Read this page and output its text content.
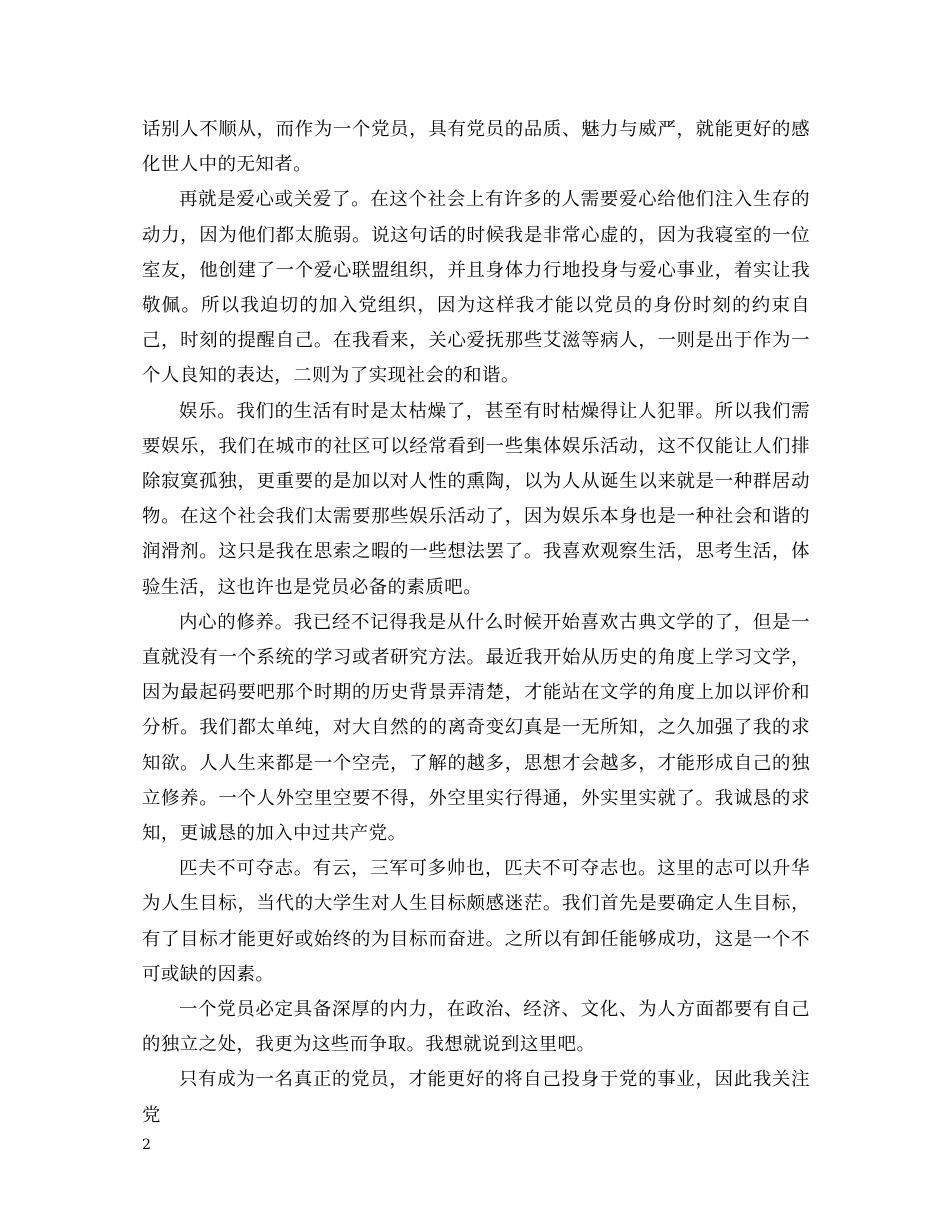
话别人不顺从，而作为一个党员，具有党员的品质、魅力与威严，就能更好的感化世人中的无知者。

再就是爱心或关爱了。在这个社会上有许多的人需要爱心给他们注入生存的动力，因为他们都太脆弱。说这句话的时候我是非常心虚的，因为我寝室的一位室友，他创建了一个爱心联盟组织，并且身体力行地投身与爱心事业，着实让我敬佩。所以我迫切的加入党组织，因为这样我才能以党员的身份时刻的约束自己，时刻的提醒自己。在我看来，关心爱抚那些艾滋等病人，一则是出于作为一个人良知的表达，二则为了实现社会的和谐。

娱乐。我们的生活有时是太枯燥了，甚至有时枯燥得让人犯罪。所以我们需要娱乐，我们在城市的社区可以经常看到一些集体娱乐活动，这不仅能让人们排除寂寞孤独，更重要的是加以对人性的熏陶，以为人从诞生以来就是一种群居动物。在这个社会我们太需要那些娱乐活动了，因为娱乐本身也是一种社会和谐的润滑剂。这只是我在思索之暇的一些想法罢了。我喜欢观察生活，思考生活，体验生活，这也许也是党员必备的素质吧。

内心的修养。我已经不记得我是从什么时候开始喜欢古典文学的了，但是一直就没有一个系统的学习或者研究方法。最近我开始从历史的角度上学习文学，因为最起码要吧那个时期的历史背景弄清楚，才能站在文学的角度上加以评价和分析。我们都太单纯，对大自然的的离奇变幻真是一无所知，之久加强了我的求知欲。人人生来都是一个空壳，了解的越多，思想才会越多，才能形成自己的独立修养。一个人外空里空要不得，外空里实行得通，外实里实就了。我诚恳的求知，更诚恳的加入中过共产党。

匹夫不可夺志。有云，三军可多帅也，匹夫不可夺志也。这里的志可以升华为人生目标，当代的大学生对人生目标颇感迷茫。我们首先是要确定人生目标，有了目标才能更好或始终的为目标而奋进。之所以有卸任能够成功，这是一个不可或缺的因素。

一个党员必定具备深厚的内力，在政治、经济、文化、为人方面都要有自己的独立之处，我更为这些而争取。我想就说到这里吧。

只有成为一名真正的党员，才能更好的将自己投身于党的事业，因此我关注党

2
